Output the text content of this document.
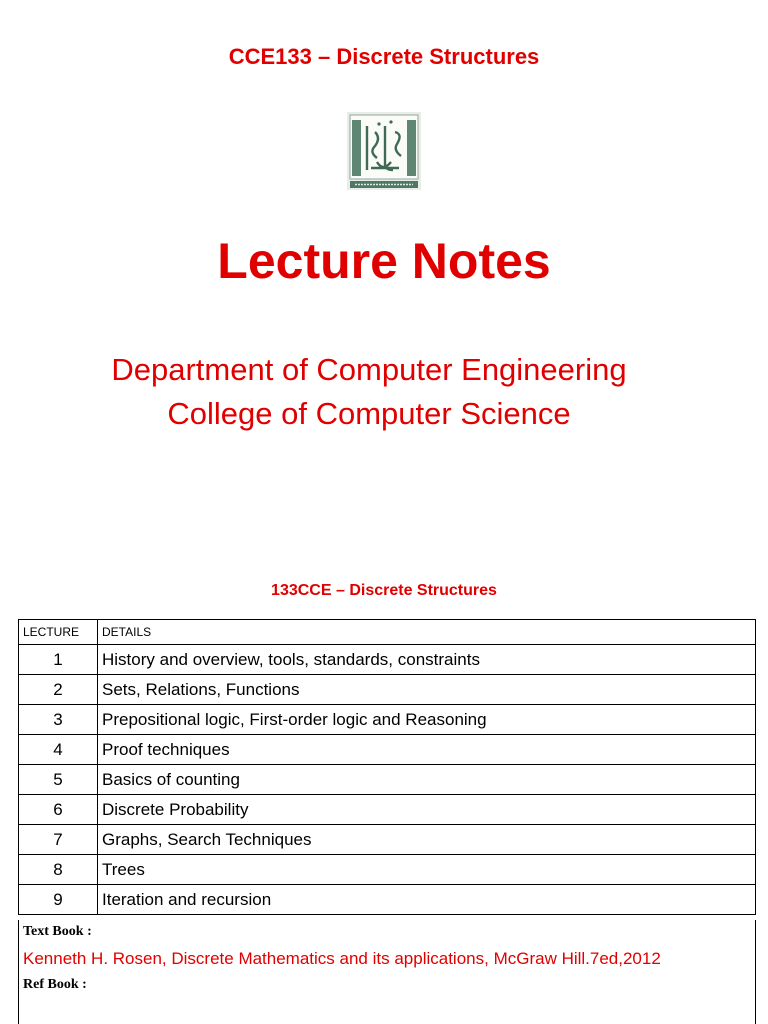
CCE133 – Discrete Structures
Lecture Notes
Department of Computer Engineering
College of Computer Science
133CCE – Discrete Structures
LECTURE	DETAILS
1	History and overview, tools, standards, constraints
2	Sets, Relations, Functions
3	Prepositional logic, First-order logic and Reasoning
4	Proof techniques
5	Basics of counting
6	Discrete Probability
7	Graphs, Search Techniques
8	Trees
9	Iteration and recursion
Text Book :
Kenneth H. Rosen, Discrete Mathematics and its applications, McGraw Hill.7ed,2012
Ref Book :
